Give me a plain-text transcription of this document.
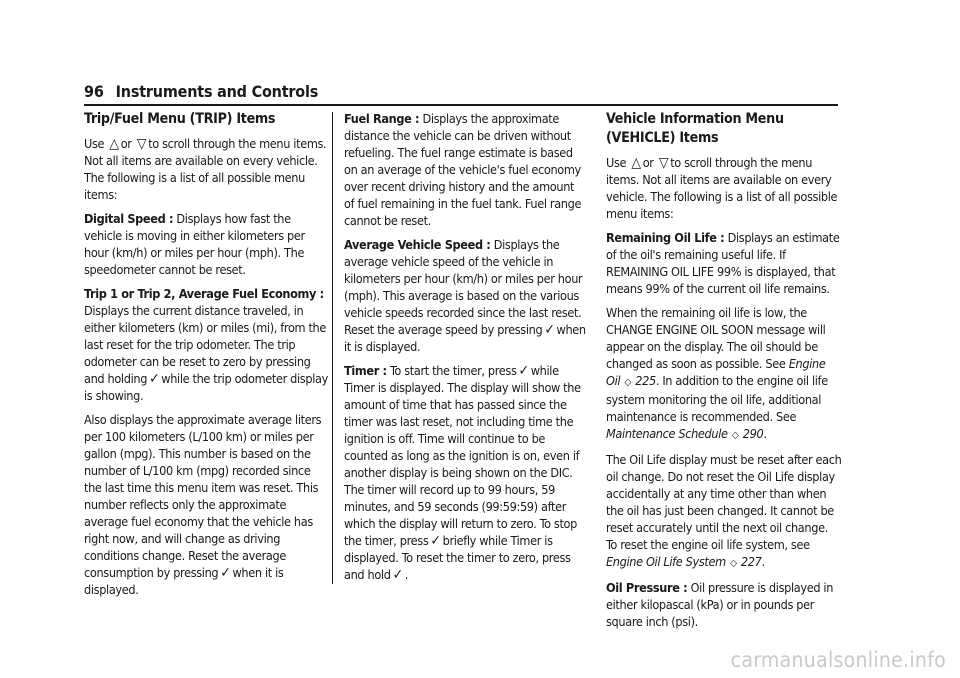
96 Instruments and Controls
Trip/Fuel Menu (TRIP) Items

Use △ or ▽ to scroll through the menu items. Not all items are available on every vehicle. The following is a list of all possible menu items:

Digital Speed : Displays how fast the vehicle is moving in either kilometers per hour (km/h) or miles per hour (mph). The speedometer cannot be reset.

Trip 1 or Trip 2, Average Fuel Economy : Displays the current distance traveled, in either kilometers (km) or miles (mi), from the last reset for the trip odometer. The trip odometer can be reset to zero by pressing and holding ✓ while the trip odometer display is showing.

Also displays the approximate average liters per 100 kilometers (L/100 km) or miles per gallon (mpg). This number is based on the number of L/100 km (mpg) recorded since the last time this menu item was reset. This number reflects only the approximate average fuel economy that the vehicle has right now, and will change as driving conditions change. Reset the average consumption by pressing ✓ when it is displayed.

Fuel Range : Displays the approximate distance the vehicle can be driven without refueling. The fuel range estimate is based on an average of the vehicle's fuel economy over recent driving history and the amount of fuel remaining in the fuel tank. Fuel range cannot be reset.

Average Vehicle Speed : Displays the average vehicle speed of the vehicle in kilometers per hour (km/h) or miles per hour (mph). This average is based on the various vehicle speeds recorded since the last reset. Reset the average speed by pressing ✓ when it is displayed.

Timer : To start the timer, press ✓ while Timer is displayed. The display will show the amount of time that has passed since the timer was last reset, not including time the ignition is off. Time will continue to be counted as long as the ignition is on, even if another display is being shown on the DIC. The timer will record up to 99 hours, 59 minutes, and 59 seconds (99:59:59) after which the display will return to zero. To stop the timer, press ✓ briefly while Timer is displayed. To reset the timer to zero, press and hold ✓ .

Vehicle Information Menu (VEHICLE) Items

Use △ or ▽ to scroll through the menu items. Not all items are available on every vehicle. The following is a list of all possible menu items:

Remaining Oil Life : Displays an estimate of the oil's remaining useful life. If REMAINING OIL LIFE 99% is displayed, that means 99% of the current oil life remains.

When the remaining oil life is low, the CHANGE ENGINE OIL SOON message will appear on the display. The oil should be changed as soon as possible. See Engine Oil ◇ 225. In addition to the engine oil life system monitoring the oil life, additional maintenance is recommended. See Maintenance Schedule ◇ 290.

The Oil Life display must be reset after each oil change. Do not reset the Oil Life display accidentally at any time other than when the oil has just been changed. It cannot be reset accurately until the next oil change. To reset the engine oil life system, see Engine Oil Life System ◇ 227.

Oil Pressure : Oil pressure is displayed in either kilopascal (kPa) or in pounds per square inch (psi).

carmanualsonline.info
